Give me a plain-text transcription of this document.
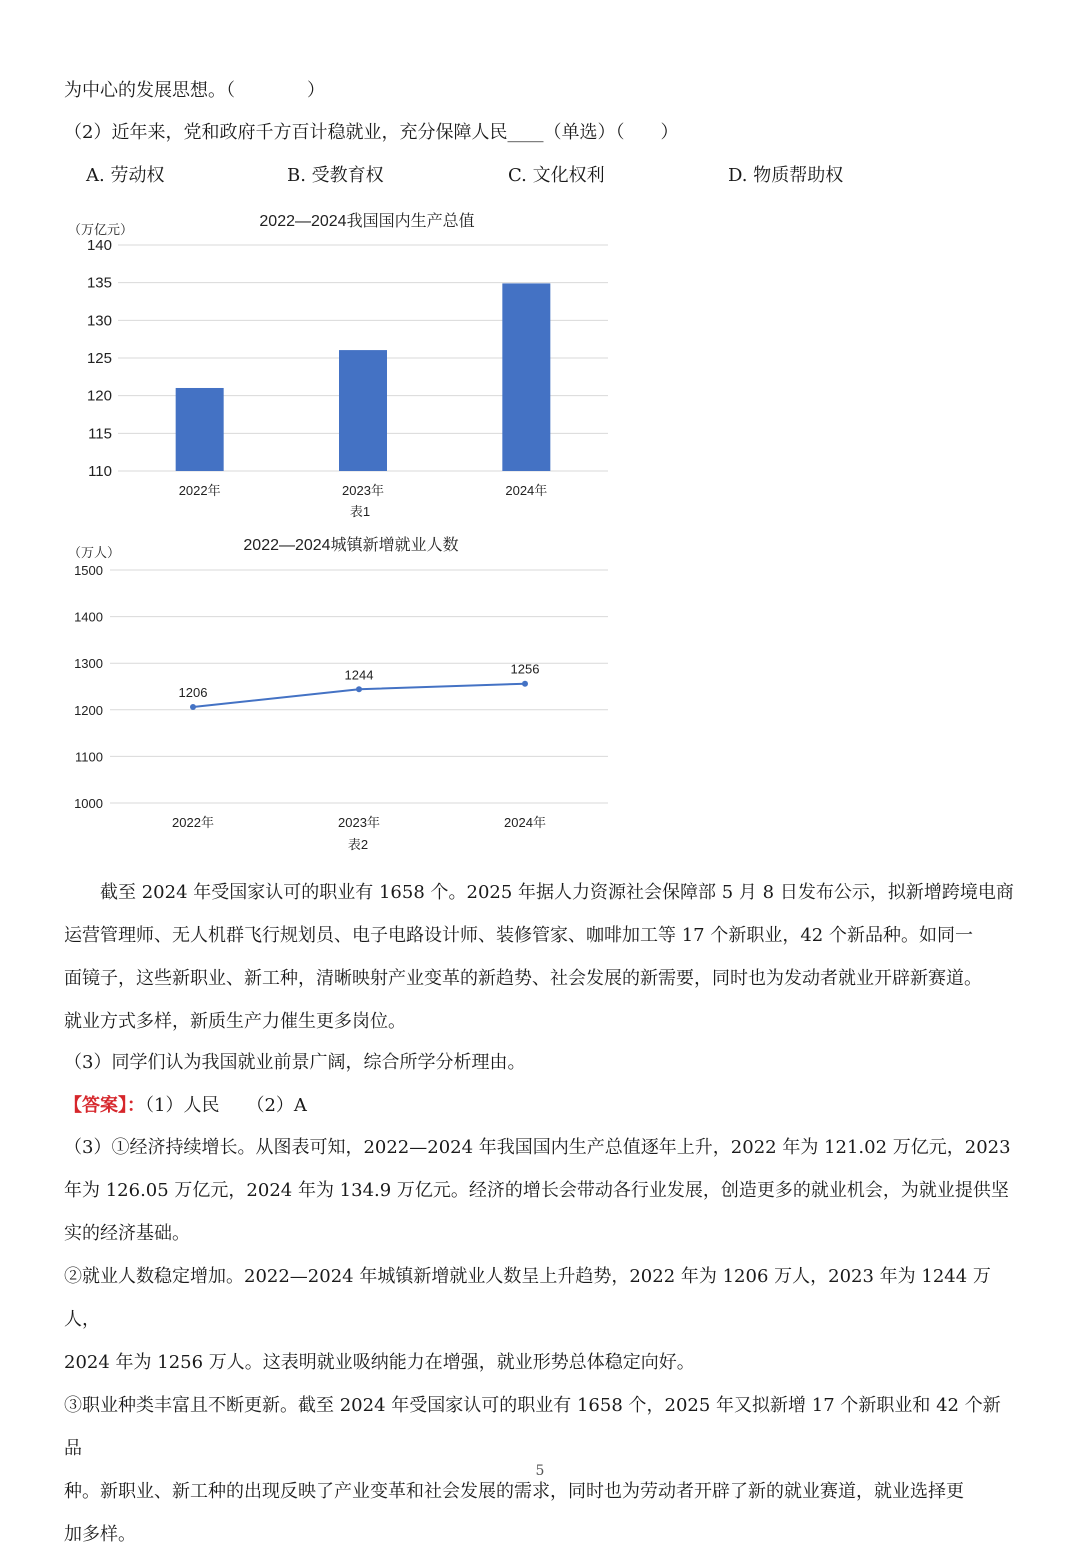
为中心的发展思想。（　　　　）
（2）近年来，党和政府千方百计稳就业，充分保障人民____（单选）（　　）
A. 劳动权	B. 受教育权	C. 文化权利	D. 物质帮助权
2022—2024我国国内生产总值
（万亿元）
表1
110
115
120
125
130
135
140
2022年	2023年	2024年
2022—2024城镇新增就业人数
（万人）
表2
1000
1100
1200
1300
1400
1500
1206
2022年
1244
2023年
1256
2024年
　　截至 2024 年受国家认可的职业有 1658 个。2025 年据人力资源社会保障部 5 月 8 日发布公示，拟新增跨境电商
运营管理师、无人机群飞行规划员、电子电路设计师、装修管家、咖啡加工等 17 个新职业，42 个新品种。如同一
面镜子，这些新职业、新工种，清晰映射产业变革的新趋势、社会发展的新需要，同时也为发动者就业开辟新赛道。
就业方式多样，新质生产力催生更多岗位。
（3）同学们认为我国就业前景广阔，综合所学分析理由。
【答案】：（1）人民　　（2）A
（3）①经济持续增长。从图表可知，2022—2024 年我国国内生产总值逐年上升，2022 年为 121.02 万亿元，2023
年为 126.05 万亿元，2024 年为 134.9 万亿元。经济的增长会带动各行业发展，创造更多的就业机会，为就业提供坚
实的经济基础。
②就业人数稳定增加。2022—2024 年城镇新增就业人数呈上升趋势，2022 年为 1206 万人，2023 年为 1244 万人，
2024 年为 1256 万人。这表明就业吸纳能力在增强，就业形势总体稳定向好。
③职业种类丰富且不断更新。截至 2024 年受国家认可的职业有 1658 个，2025 年又拟新增 17 个新职业和 42 个新品
种。新职业、新工种的出现反映了产业变革和社会发展的需求，同时也为劳动者开辟了新的就业赛道，就业选择更
加多样。
5
